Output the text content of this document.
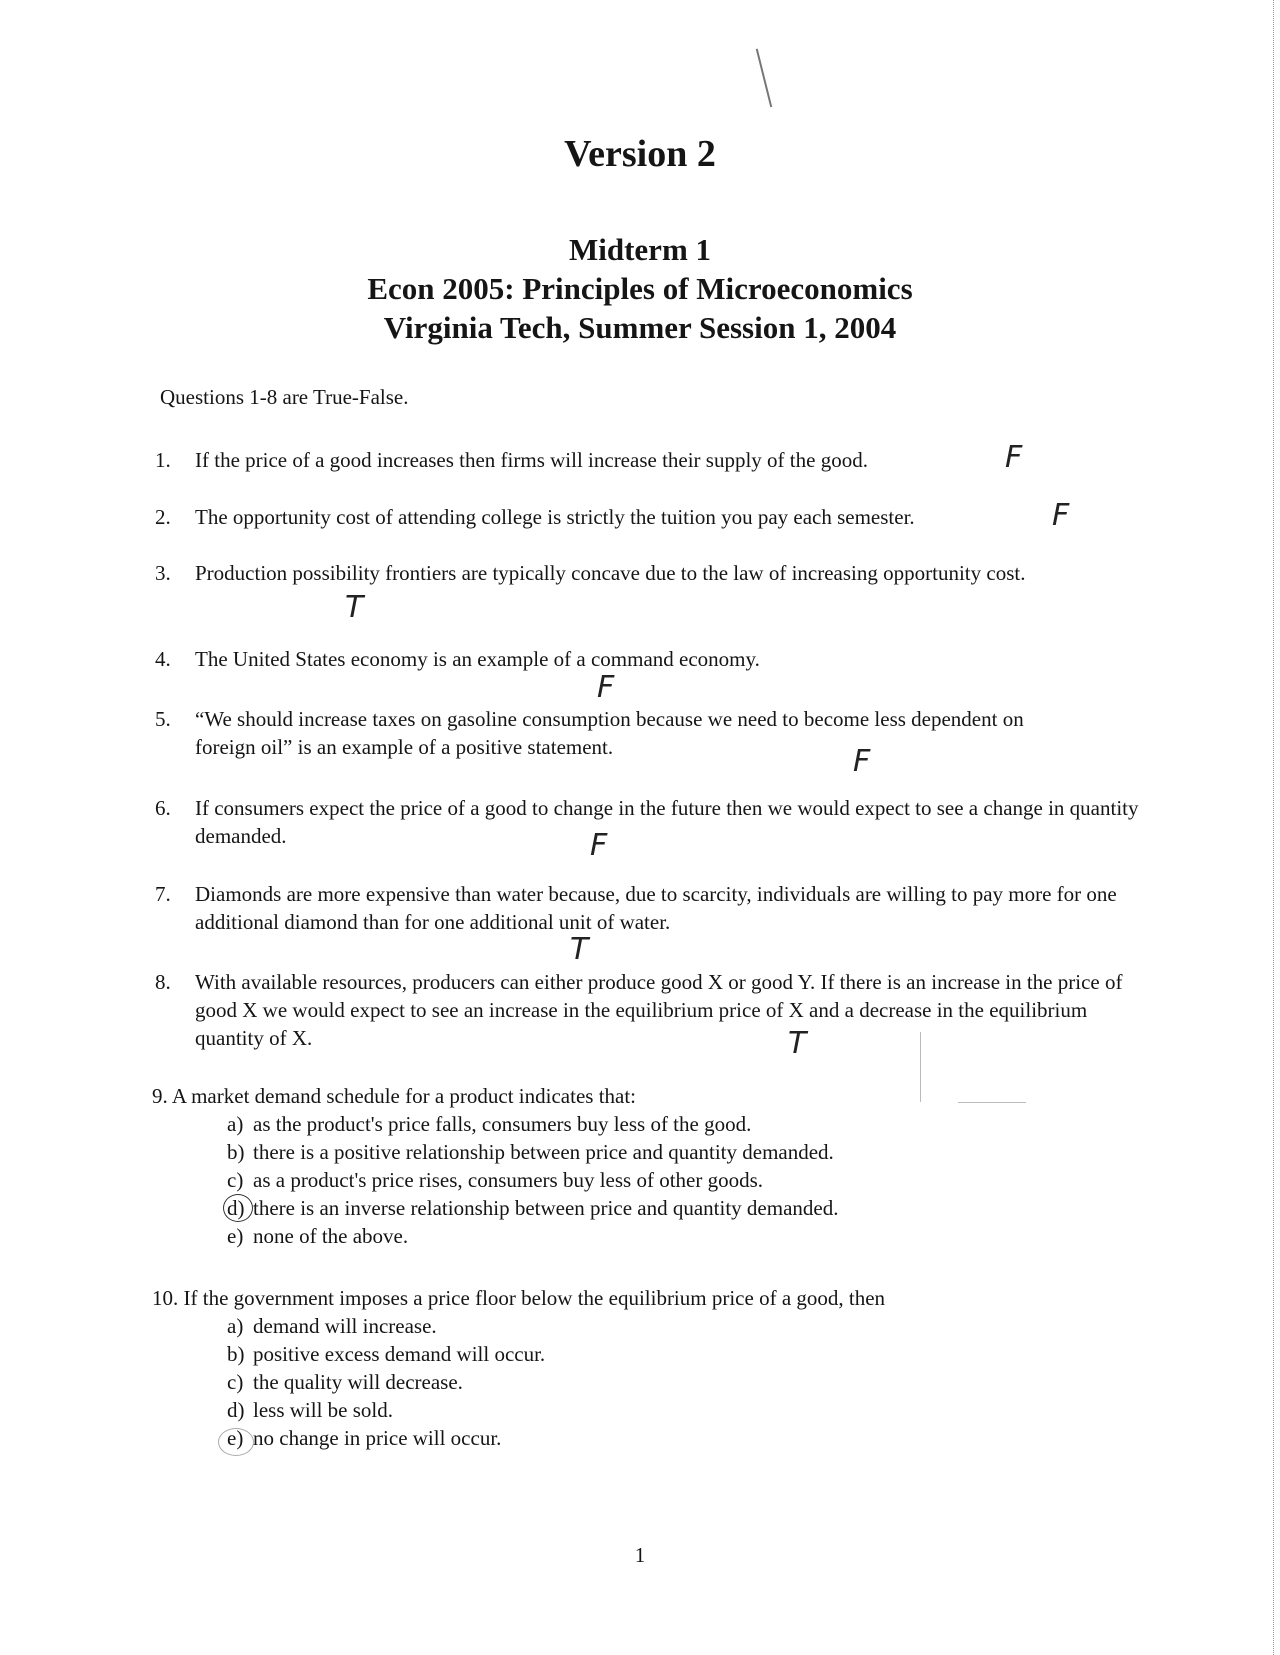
Version 2
Midterm 1
Econ 2005: Principles of Microeconomics
Virginia Tech, Summer Session 1, 2004
Questions 1-8 are True-False.
1.	If the price of a good increases then firms will increase their supply of the good.	F
2.	The opportunity cost of attending college is strictly the tuition you pay each semester.	F
3.	Production possibility frontiers are typically concave due to the law of increasing opportunity cost.
T
4.	The United States economy is an example of a command economy.
F
5.	“We should increase taxes on gasoline consumption because we need to become less dependent on foreign oil” is an example of a positive statement.	F
6.	If consumers expect the price of a good to change in the future then we would expect to see a change in quantity demanded.	F
7.	Diamonds are more expensive than water because, due to scarcity, individuals are willing to pay more for one additional diamond than for one additional unit of water.
T
8.	With available resources, producers can either produce good X or good Y. If there is an increase in the price of good X we would expect to see an increase in the equilibrium price of X and a decrease in the equilibrium quantity of X.	T
9. A market demand schedule for a product indicates that:
a) as the product's price falls, consumers buy less of the good.
b) there is a positive relationship between price and quantity demanded.
c) as a product's price rises, consumers buy less of other goods.
d) there is an inverse relationship between price and quantity demanded.
e) none of the above.
10. If the government imposes a price floor below the equilibrium price of a good, then
a) demand will increase.
b) positive excess demand will occur.
c) the quality will decrease.
d) less will be sold.
e) no change in price will occur.
1
